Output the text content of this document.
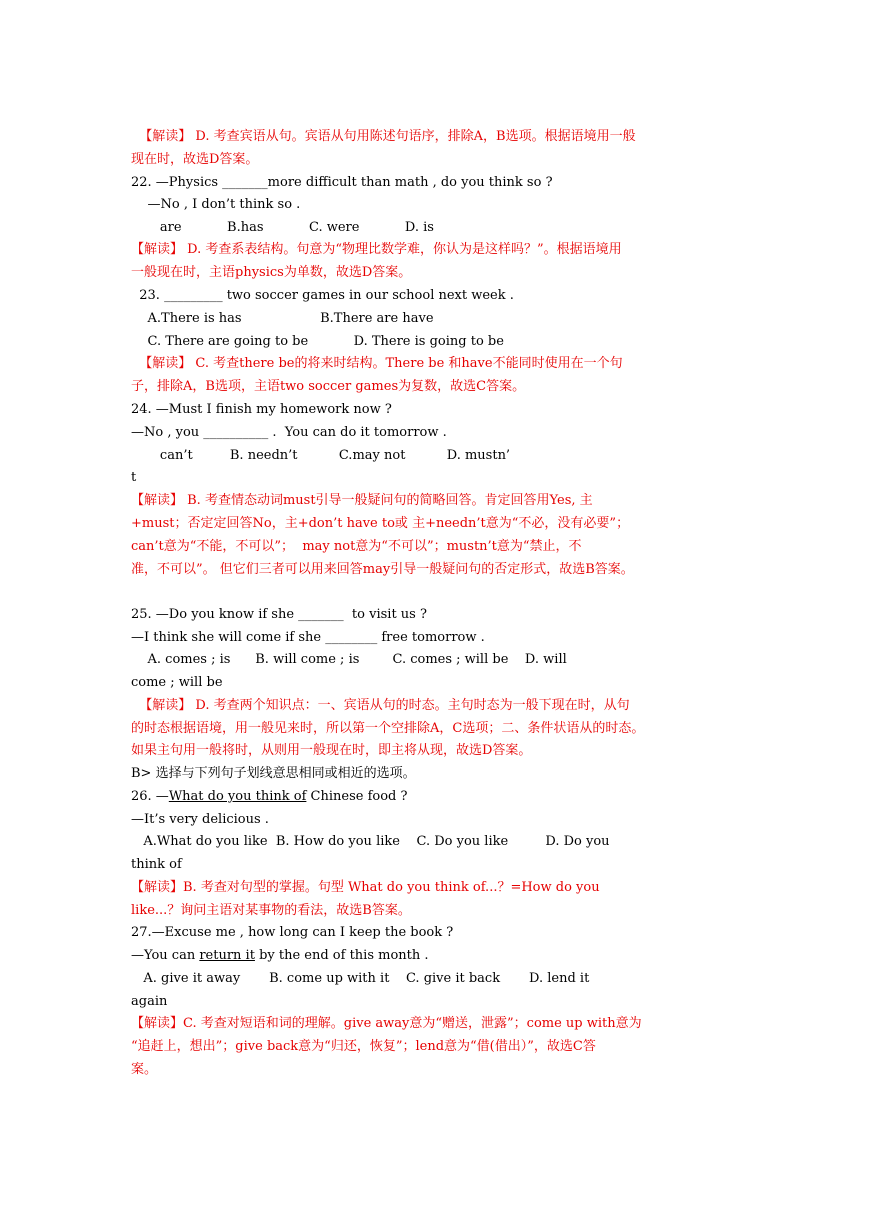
【解读】 D. 考查宾语从句。宾语从句用陈述句语序，排除A，B选项。根据语境用一般
现在时，故选D答案。
22. —Physics _______more difficult than math , do you think so ?
—No , I don’t think so .
are           B.has           C. were           D. is
【解读】 D. 考查系表结构。句意为“物理比数学难，你认为是这样吗？”。根据语境用
一般现在时，主语physics为单数，故选D答案。
23. _________ two soccer games in our school next week .
A.There is has                   B.There are have
C. There are going to be           D. There is going to be
【解读】 C. 考查there be的将来时结构。There be 和have不能同时使用在一个句
子，排除A，B选项，主语two soccer games为复数，故选C答案。
24. —Must I finish my homework now ?
—No , you __________ .  You can do it tomorrow .
can’t         B. needn’t          C.may not          D. mustn’
t
【解读】 B. 考查情态动词must引导一般疑问句的简略回答。肯定回答用Yes, 主
+must；否定定回答No，主+don’t have to或 主+needn’t意为“不必，没有必要”；
can’t意为“不能，不可以”；  may not意为“不可以”；mustn’t意为“禁止，不
准，不可以”。 但它们三者可以用来回答may引导一般疑问句的否定形式，故选B答案。
25. —Do you know if she _______  to visit us ?
—I think she will come if she ________ free tomorrow .
A. comes ; is      B. will come ; is        C. comes ; will be    D. will
come ; will be
【解读】 D. 考查两个知识点：一、宾语从句的时态。主句时态为一般下现在时，从句
的时态根据语境，用一般见来时，所以第一个空排除A，C选项；二、条件状语从的时态。
如果主句用一般将时，从则用一般现在时，即主将从现，故选D答案。
B> 选择与下列句子划线意思相同或相近的选项。
26. —What do you think of Chinese food ?
—It’s very delicious .
A.What do you like  B. How do you like    C. Do you like         D. Do you
think of
【解读】B. 考查对句型的掌握。句型 What do you think of...？=How do you
like...？询问主语对某事物的看法，故选B答案。
27.—Excuse me , how long can I keep the book ?
—You can return it by the end of this month .
A. give it away       B. come up with it    C. give it back       D. lend it
again
【解读】C. 考查对短语和词的理解。give away意为“赠送，泄露”；come up with意为
“追赶上，想出”；give back意为“归还，恢复”；lend意为“借(借出）”，故选C答
案。
